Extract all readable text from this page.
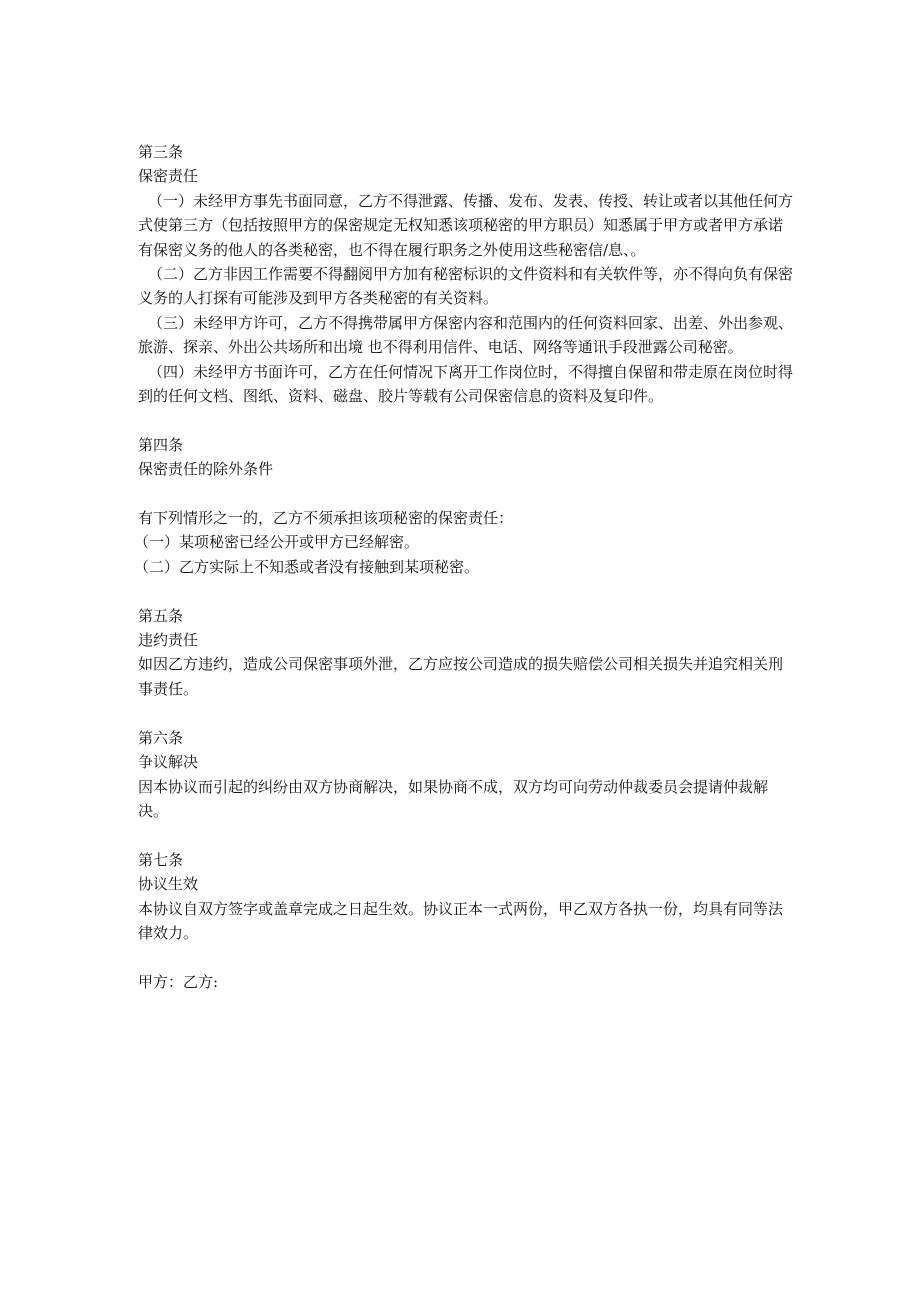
第三条

保密责任

（一）未经甲方事先书面同意，乙方不得泄露、传播、发布、发表、传授、转让或者以其他任何方式使第三方（包括按照甲方的保密规定无权知悉该项秘密的甲方职员）知悉属于甲方或者甲方承诺有保密义务的他人的各类秘密，也不得在履行职务之外使用这些秘密信/息、。

（二）乙方非因工作需要不得翻阅甲方加有秘密标识的文件资料和有关软件等，亦不得向负有保密义务的人打探有可能涉及到甲方各类秘密的有关资料。

（三）未经甲方许可，乙方不得携带属甲方保密内容和范围内的任何资料回家、出差、外出参观、旅游、探亲、外出公共场所和出境 也不得利用信件、电话、网络等通讯手段泄露公司秘密。

（四）未经甲方书面许可，乙方在任何情况下离开工作岗位时，不得擅自保留和带走原在岗位时得到的任何文档、图纸、资料、磁盘、胶片等载有公司保密信息的资料及复印件。

第四条

保密责任的除外条件

有下列情形之一的，乙方不须承担该项秘密的保密责任：

（一）某项秘密已经公开或甲方已经解密。

（二）乙方实际上不知悉或者没有接触到某项秘密。

第五条

违约责任

如因乙方违约，造成公司保密事项外泄，乙方应按公司造成的损失赔偿公司相关损失并追究相关刑事责任。

第六条

争议解决

因本协议而引起的纠纷由双方协商解决，如果协商不成，双方均可向劳动仲裁委员会提请仲裁解决。

第七条

协议生效

本协议自双方签字或盖章完成之日起生效。协议正本一式两份，甲乙双方各执一份，均具有同等法律效力。

甲方：乙方:
